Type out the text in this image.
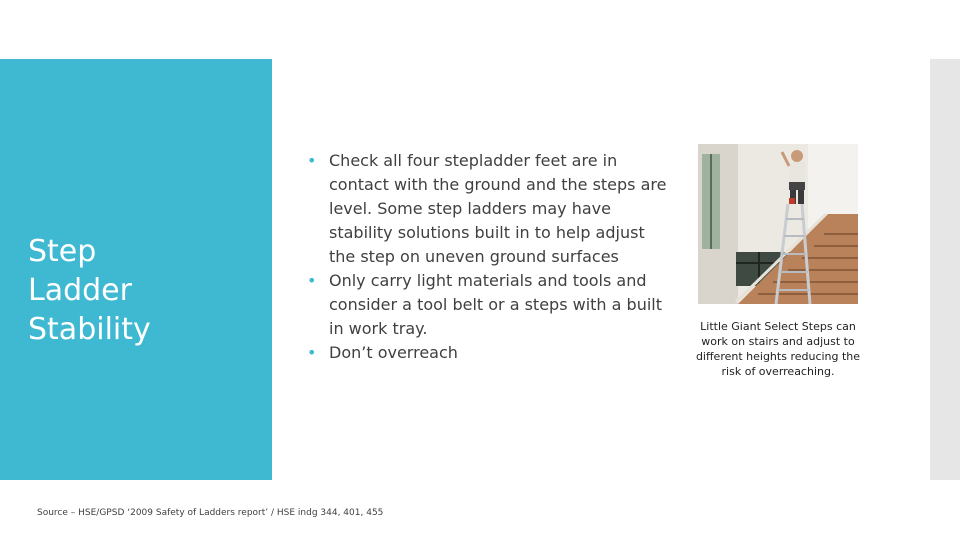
Step
Ladder
Stability
• Check all four stepladder feet are in contact with the ground and the steps are level. Some step ladders may have stability solutions built in to help adjust the step on uneven ground surfaces
• Only carry light materials and tools and consider a tool belt or a steps with a built in work tray.
• Don’t overreach
Little Giant Select Steps can work on stairs and adjust to different heights reducing the risk of overreaching.
Source – HSE/GPSD ‘2009 Safety of Ladders report’ / HSE indg 344, 401, 455
